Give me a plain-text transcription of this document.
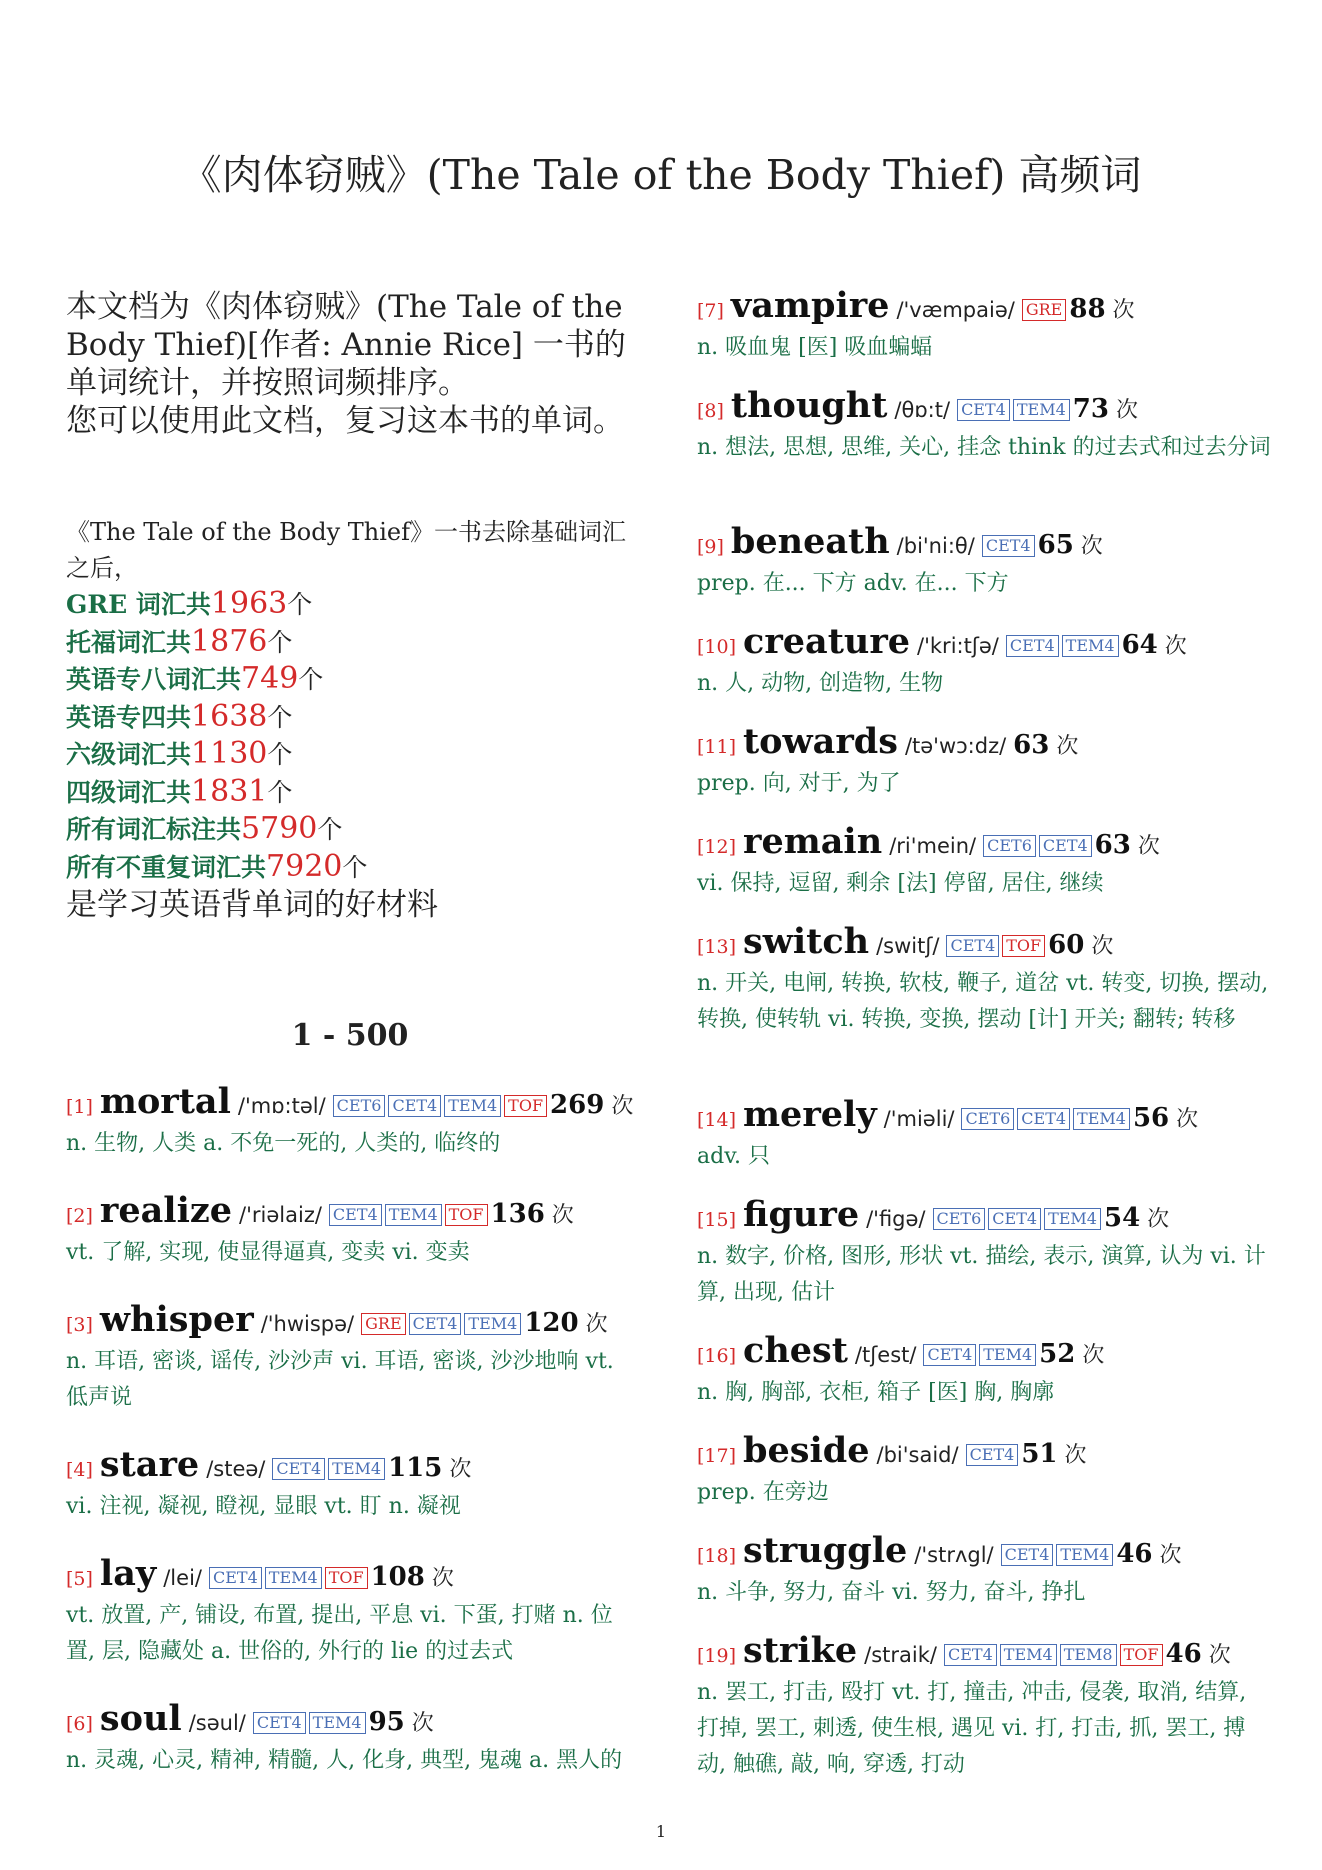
《肉体窃贼》(The Tale of the Body Thief) 高频词

本文档为《肉体窃贼》(The Tale of the Body Thief)[作者: Annie Rice] 一书的单词统计，并按照词频排序。

您可以使用此文档，复习这本书的单词。

《The Tale of the Body Thief》一书去除基础词汇之后，
GRE 词汇共1963个
托福词汇共1876个
英语专八词汇共749个
英语专四共1638个
六级词汇共1130个
四级词汇共1831个
所有词汇标注共5790个
所有不重复词汇共7920个
是学习英语背单词的好材料
1 - 500
[1] mortal /'mɒ:təl/ CET6 CET4 TEM4 TOF 269 次

n. 生物, 人类 a. 不免一死的, 人类的, 临终的

[2] realize /'riəlaiz/ CET4 TEM4 TOF 136 次

vt. 了解, 实现, 使显得逼真, 变卖 vi. 变卖

[3] whisper /'hwispə/ GRE CET4 TEM4 120 次

n. 耳语, 密谈, 谣传, 沙沙声 vi. 耳语, 密谈, 沙沙地响 vt. 低声说

[4] stare /steə/ CET4 TEM4 115 次

vi. 注视, 凝视, 瞪视, 显眼 vt. 盯 n. 凝视

[5] lay /lei/ CET4 TEM4 TOF 108 次

vt. 放置, 产, 铺设, 布置, 提出, 平息 vi. 下蛋, 打赌 n. 位置, 层, 隐藏处 a. 世俗的, 外行的 lie 的过去式

[6] soul /səul/ CET4 TEM4 95 次

n. 灵魂, 心灵, 精神, 精髓, 人, 化身, 典型, 鬼魂 a. 黑人的

[7] vampire /'væmpaiə/ GRE 88 次

n. 吸血鬼 [医] 吸血蝙蝠

[8] thought /θɒ:t/ CET4 TEM4 73 次

n. 想法, 思想, 思维, 关心, 挂念 think 的过去式和过去分词

[9] beneath /bi'ni:θ/ CET4 65 次

prep. 在... 下方 adv. 在... 下方

[10] creature /'kri:tʃə/ CET4 TEM4 64 次

n. 人, 动物, 创造物, 生物

[11] towards /tə'wɔ:dz/ 63 次

prep. 向, 对于, 为了

[12] remain /ri'mein/ CET6 CET4 63 次

vi. 保持, 逗留, 剩余 [法] 停留, 居住, 继续

[13] switch /switʃ/ CET4 TOF 60 次

n. 开关, 电闸, 转换, 软枝, 鞭子, 道岔 vt. 转变, 切换, 摆动, 转换, 使转轨 vi. 转换, 变换, 摆动 [计] 开关; 翻转; 转移

[14] merely /'miəli/ CET6 CET4 TEM4 56 次

adv. 只

[15] figure /'figə/ CET6 CET4 TEM4 54 次

n. 数字, 价格, 图形, 形状 vt. 描绘, 表示, 演算, 认为 vi. 计算, 出现, 估计

[16] chest /tʃest/ CET4 TEM4 52 次

n. 胸, 胸部, 衣柜, 箱子 [医] 胸, 胸廓

[17] beside /bi'said/ CET4 51 次

prep. 在旁边

[18] struggle /'strʌgl/ CET4 TEM4 46 次

n. 斗争, 努力, 奋斗 vi. 努力, 奋斗, 挣扎

[19] strike /straik/ CET4 TEM4 TEM8 TOF 46 次

n. 罢工, 打击, 殴打 vt. 打, 撞击, 冲击, 侵袭, 取消, 结算, 打掉, 罢工, 刺透, 使生根, 遇见 vi. 打, 打击, 抓, 罢工, 搏动, 触礁, 敲, 响, 穿透, 打动

1
